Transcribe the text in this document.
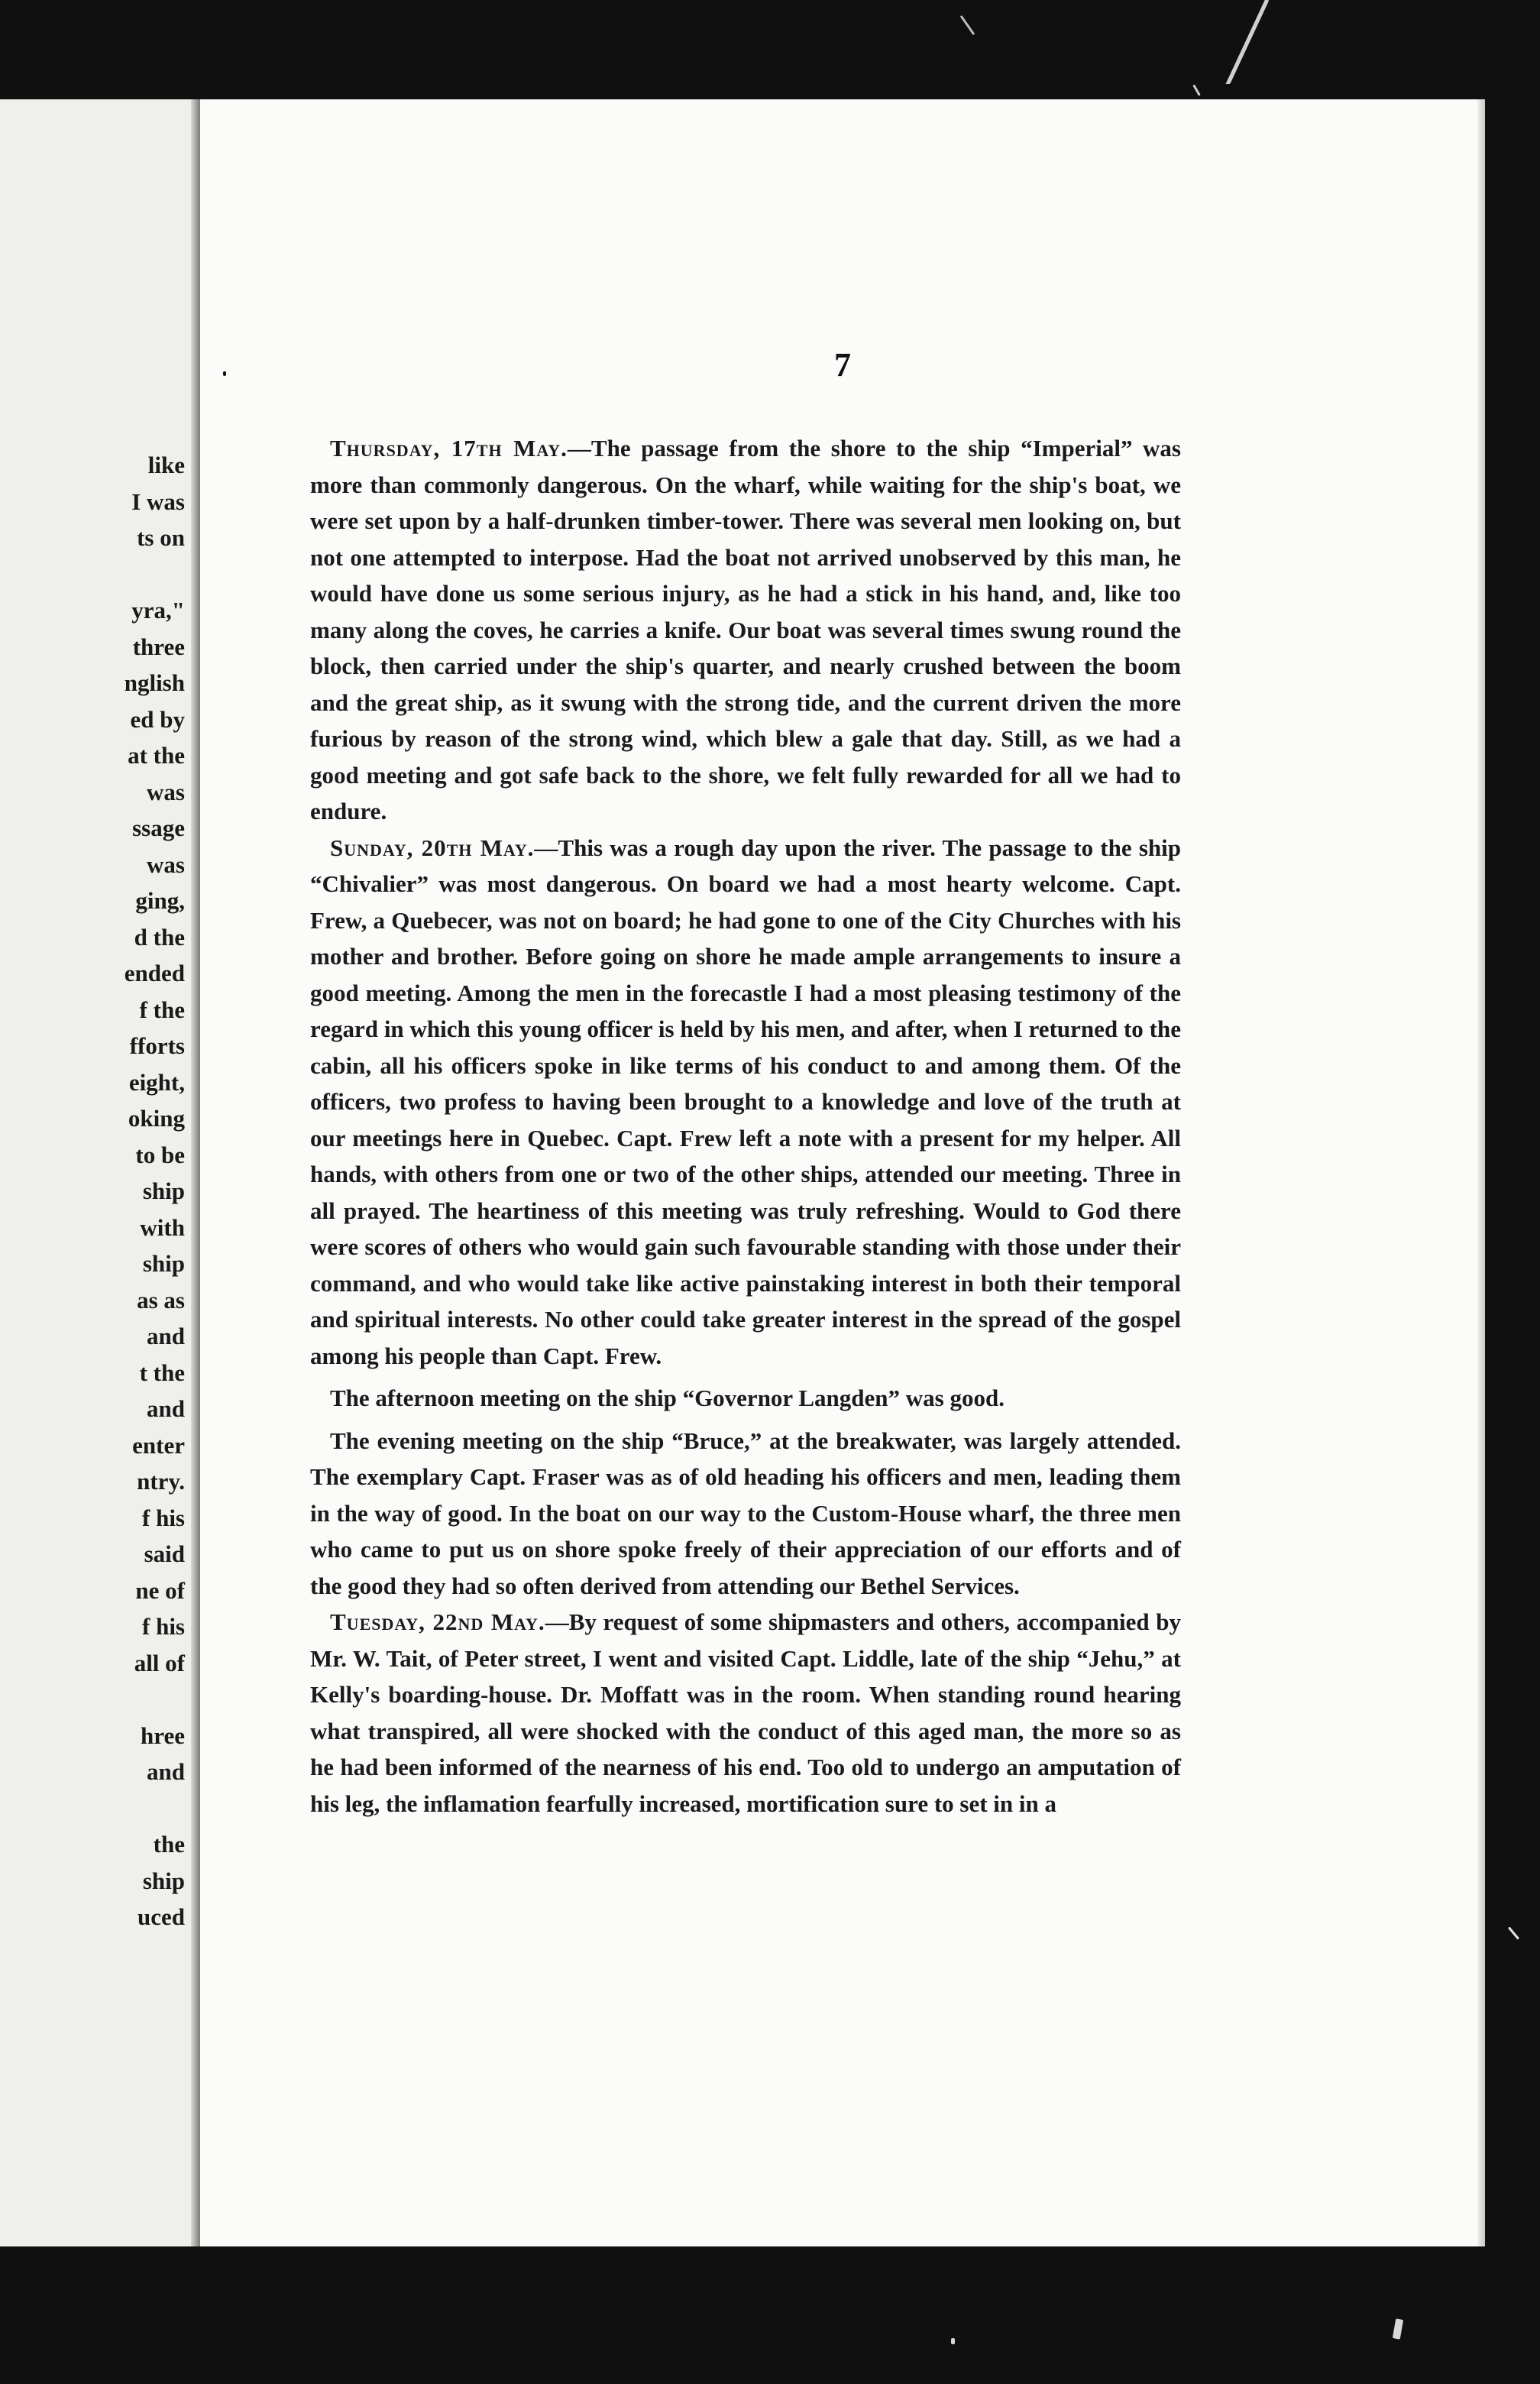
like
I was
ts on
yra,"
three
nglish
ed by
at the
was
ssage
was
ging,
d the
ended
f the
fforts
eight,
oking
to be
ship
with
ship
as as
and
t the
and
enter
ntry.
f his
said
ne of
f his
all of
hree
and
the
ship
uced
7

Thursday, 17th May.—The passage from the shore to the ship “Imperial” was more than commonly dangerous. On the wharf, while waiting for the ship's boat, we were set upon by a half-drunken timber-tower. There was several men looking on, but not one attempted to interpose. Had the boat not arrived unobserved by this man, he would have done us some serious injury, as he had a stick in his hand, and, like too many along the coves, he carries a knife. Our boat was several times swung round the block, then carried under the ship's quarter, and nearly crushed between the boom and the great ship, as it swung with the strong tide, and the current driven the more furious by reason of the strong wind, which blew a gale that day. Still, as we had a good meeting and got safe back to the shore, we felt fully rewarded for all we had to endure.

Sunday, 20th May.—This was a rough day upon the river. The passage to the ship “Chivalier” was most dangerous. On board we had a most hearty welcome. Capt. Frew, a Quebecer, was not on board; he had gone to one of the City Churches with his mother and brother. Before going on shore he made ample arrangements to insure a good meeting. Among the men in the forecastle I had a most pleasing testimony of the regard in which this young officer is held by his men, and after, when I returned to the cabin, all his officers spoke in like terms of his conduct to and among them. Of the officers, two profess to having been brought to a knowledge and love of the truth at our meetings here in Quebec. Capt. Frew left a note with a present for my helper. All hands, with others from one or two of the other ships, attended our meeting. Three in all prayed. The heartiness of this meeting was truly refreshing. Would to God there were scores of others who would gain such favourable standing with those under their command, and who would take like active painstaking interest in both their temporal and spiritual interests. No other could take greater interest in the spread of the gospel among his people than Capt. Frew.

The afternoon meeting on the ship “Governor Langden” was good.

The evening meeting on the ship “Bruce,” at the breakwater, was largely attended. The exemplary Capt. Fraser was as of old heading his officers and men, leading them in the way of good. In the boat on our way to the Custom-House wharf, the three men who came to put us on shore spoke freely of their appreciation of our efforts and of the good they had so often derived from attending our Bethel Services.

Tuesday, 22nd May.—By request of some shipmasters and others, accompanied by Mr. W. Tait, of Peter street, I went and visited Capt. Liddle, late of the ship “Jehu,” at Kelly's boarding-house. Dr. Moffatt was in the room. When standing round hearing what transpired, all were shocked with the conduct of this aged man, the more so as he had been informed of the nearness of his end. Too old to undergo an amputation of his leg, the inflamation fearfully increased, mortification sure to set in in a
